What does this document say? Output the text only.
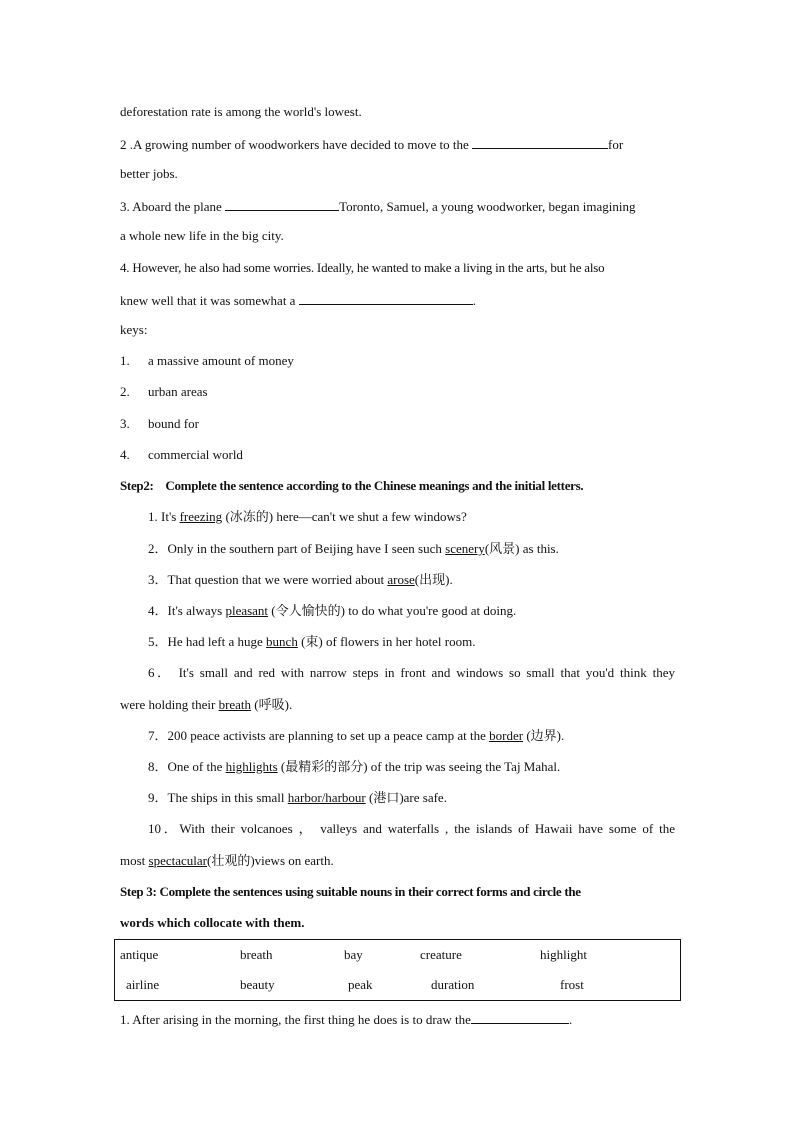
deforestation rate is among the world's lowest.
2 .A growing number of woodworkers have decided to move to the	for
better jobs.
3. Aboard the plane	Toronto, Samuel, a young woodworker, began imagining
a whole new life in the big city.
4. However, he also had some worries. Ideally, he wanted to make a living in the arts, but he also
knew well that it was somewhat a	.
keys:
1. a massive amount of money
2. urban areas
3. bound for
4. commercial world
Step2:    Complete the sentence according to the Chinese meanings and the initial letters.
1. It's freezing (冰冻的) here—can't we shut a few windows?
2．Only in the southern part of Beijing have I seen such scenery(风景) as this.
3．That question that we were worried about arose(出现).
4．It's always pleasant (令人愉快的) to do what you're good at doing.
5．He had left a huge bunch (束) of flowers in her hotel room.
6． It's small and red with narrow steps in front and windows so small that you'd think they
were holding their breath (呼吸).
7．200 peace activists are planning to set up a peace camp at the border (边界).
8．One of the highlights (最精彩的部分) of the trip was seeing the Taj Mahal.
9．The ships in this small harbor/harbour (港口)are safe.
10．With their volcanoes ， valleys and waterfalls , the islands of Hawaii have some of the
most spectacular(壮观的)views on earth.
Step 3: Complete the sentences using suitable nouns in their correct forms and circle the
words which collocate with them.
antique	breath	bay	creature	highlight
airline	beauty	peak	duration	frost
1. After arising in the morning, the first thing he does is to draw the	.
